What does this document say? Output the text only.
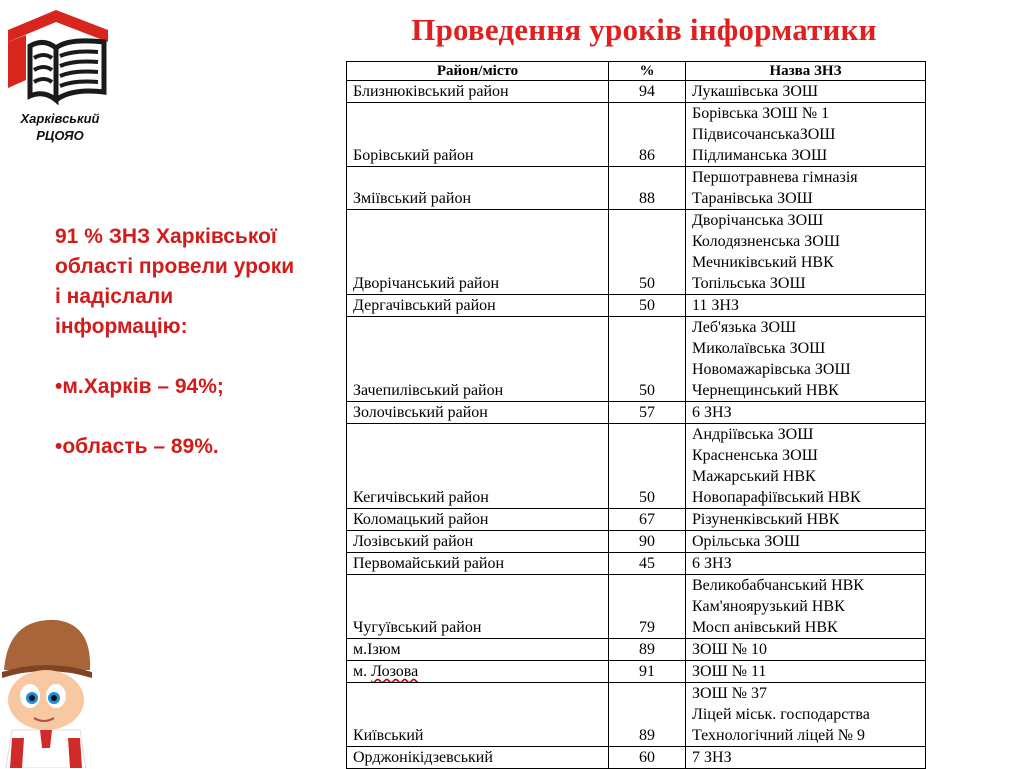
Харківський
РЦОЯО
Проведення уроків інформатики

91 % ЗНЗ Харківської області провели уроки і надіслали інформацію:

•м.Харків – 94%;

•область – 89%.

Район/місто	%	Назва ЗНЗ
Близнюківський район	94	Лукашівська ЗОШ

Борівський район	86	Борівська ЗОШ № 1
ПідвисочанськаЗОШ
Підлиманська ЗОШ

Зміївський район	88	Першотравнева гімназія
Таранівська ЗОШ

Дворічанський район	50	Дворічанська ЗОШ
Колодязненська ЗОШ
Мечниківський НВК
Топільська ЗОШ

Дергачівський район	50	11 ЗНЗ

Зачепилівський район	50	Леб'язька ЗОШ
Миколаївська ЗОШ
Новомажарівська ЗОШ
Чернещинський НВК

Золочівський район	57	6 ЗНЗ

Кегичівський район	50	Андріївська ЗОШ
Красненська ЗОШ
Мажарський НВК
Новопарафіївський НВК

Коломацький район	67	Різуненківський НВК

Лозівський район	90	Орільська ЗОШ

Первомайський район	45	6 ЗНЗ

Чугуївський район	79	Великобабчанський НВК
Кам'яноярузький НВК
Мосп анівський НВК

м.Ізюм	89	ЗОШ № 10

м. Лозова	91	ЗОШ № 11

Київський	89	ЗОШ № 37
Ліцей міськ. господарства
Технологічний ліцей № 9

Орджонікідзевський	60	7 ЗНЗ
